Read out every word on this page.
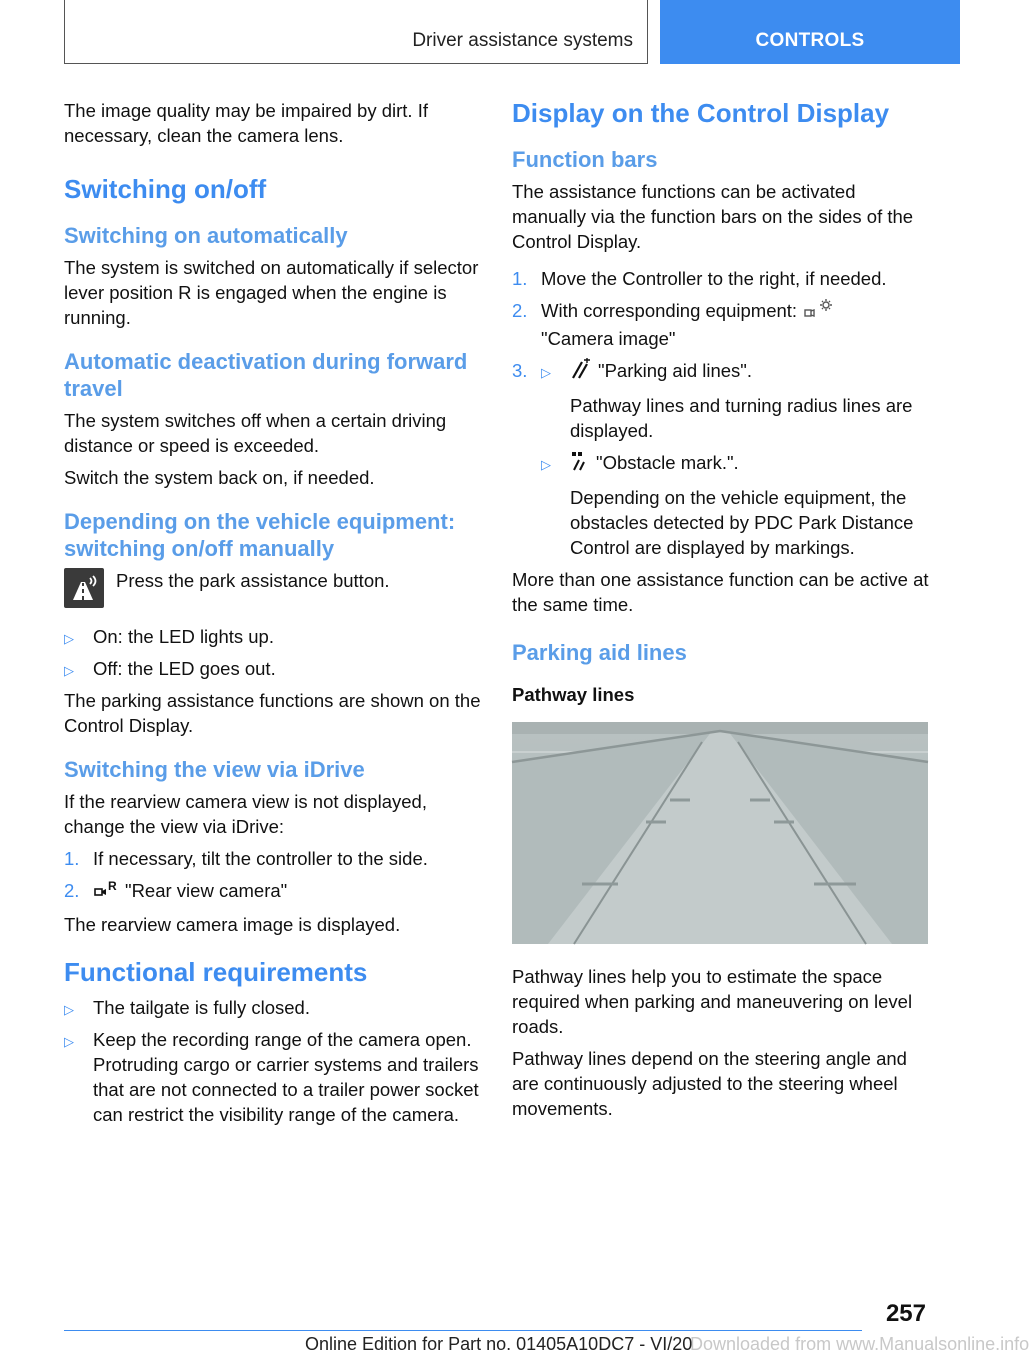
Driver assistance systems	CONTROLS

The image quality may be impaired by dirt. If necessary, clean the camera lens.

Switching on/off
Switching on automatically

The system is switched on automatically if selector lever position R is engaged when the engine is running.

Automatic deactivation during forward travel

The system switches off when a certain driving distance or speed is exceeded.

Switch the system back on, if needed.

Depending on the vehicle equipment: switching on/off manually
Press the park assistance button.
▷ On: the LED lights up.
▷ Off: the LED goes out.

The parking assistance functions are shown on the Control Display.

Switching the view via iDrive

If the rearview camera view is not displayed, change the view via iDrive:

1. If necessary, tilt the controller to the side.
2. R "Rear view camera"

The rearview camera image is displayed.

Functional requirements
▷ The tailgate is fully closed.
▷ Keep the recording range of the camera open. Protruding cargo or carrier systems and trailers that are not connected to a trailer power socket can restrict the visibility range of the camera.
Display on the Control Display
Function bars

The assistance functions can be activated manually via the function bars on the sides of the Control Display.

1. Move the Controller to the right, if needed.
2. With corresponding equipment:
"Camera image"
3. ▷	"Parking aid lines".

Pathway lines and turning radius lines are displayed.

▷ "Obstacle mark.".

Depending on the vehicle equipment, the obstacles detected by PDC Park Distance Control are displayed by markings.

More than one assistance function can be active at the same time.

Parking aid lines
Pathway lines

Pathway lines help you to estimate the space required when parking and maneuvering on level roads.

Pathway lines depend on the steering angle and are continuously adjusted to the steering wheel movements.

257
Online Edition for Part no. 01405A10DC7 - VI/20
Downloaded from www.Manualsonline.info
